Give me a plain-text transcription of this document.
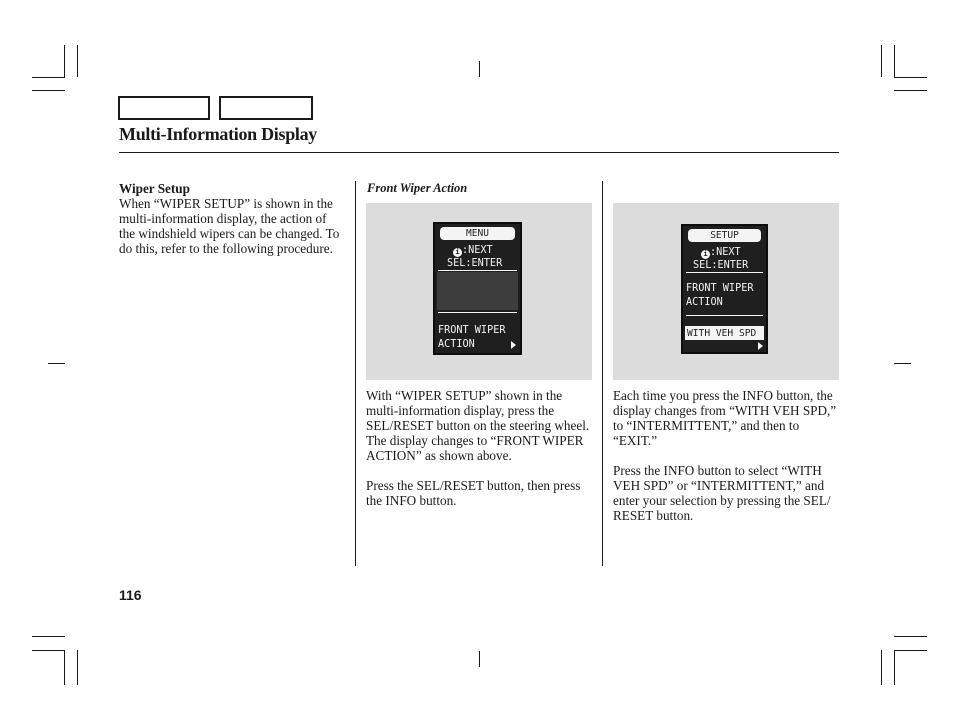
Multi-Information Display
Wiper Setup
When “WIPER SETUP” is shown in the multi-information display, the action of the windshield wipers can be changed. To do this, refer to the following procedure.
Front Wiper Action
MENU
i :NEXT
SEL:ENTER
FRONT WIPER
ACTION
SETUP
i :NEXT
SEL:ENTER
FRONT WIPER
ACTION
WITH VEH SPD

With “WIPER SETUP” shown in the multi-information display, press the SEL/RESET button on the steering wheel. The display changes to “FRONT WIPER ACTION” as shown above.

Press the SEL/RESET button, then press the INFO button.

Each time you press the INFO button, the display changes from “WITH VEH SPD,” to “INTERMITTENT,” and then to “EXIT.”

Press the INFO button to select “WITH VEH SPD” or “INTERMITTENT,” and enter your selection by pressing the SEL/ RESET button.

116
